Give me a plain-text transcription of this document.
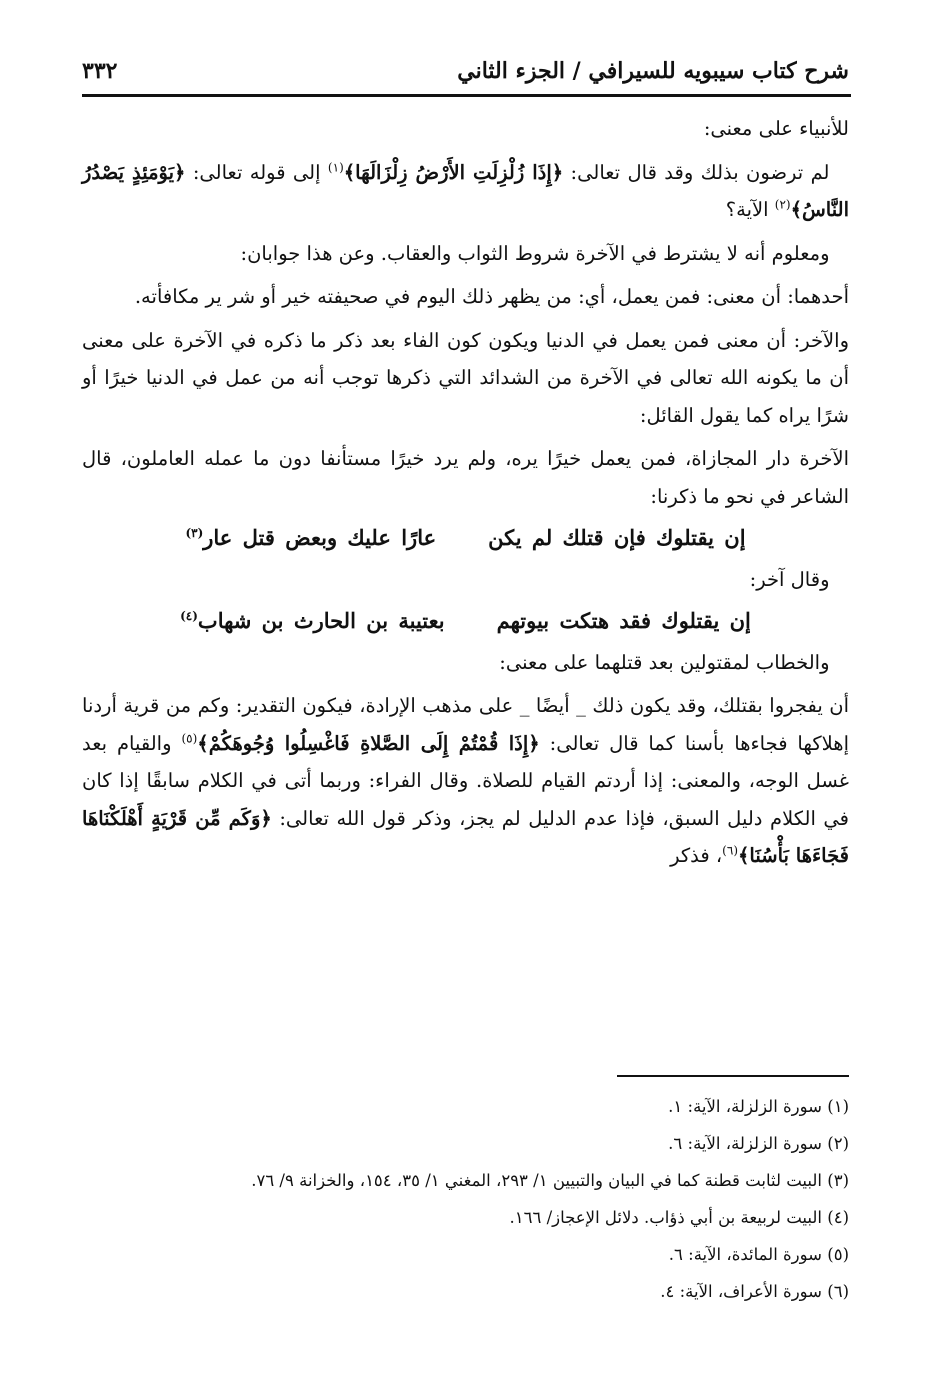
شرح كتاب سيبويه للسيرافي / الجزء الثاني
٣٣٢

للأنبياء على معنى:

 لم ترضون بذلك وقد قال تعالى: ﴿إِذَا زُلْزِلَتِ الأَرْضُ زِلْزَالَهَا﴾$^{(١)}$ إلى قوله تعالى: ﴿يَوْمَئِذٍ يَصْدُرُ النَّاسُ﴾$^{(٢)}$ الآية؟

 ومعلوم أنه لا يشترط في الآخرة شروط الثواب والعقاب. وعن هذا جوابان:

أحدهما: أن معنى: فمن يعمل، أي: من يظهر ذلك اليوم في صحيفته خير أو شر ير مكافأته.

والآخر: أن معنى فمن يعمل في الدنيا ويكون كون الفاء بعد ذكر ما ذكره في الآخرة على معنى أن ما يكونه الله تعالى في الآخرة من الشدائد التي ذكرها توجب أنه من عمل في الدنيا خيرًا أو شرًا يراه كما يقول القائل:

الآخرة دار المجازاة، فمن يعمل خيرًا يره، ولم يرد خيرًا مستأنفا دون ما عمله العاملون، قال الشاعر في نحو ما ذكرنا:

إن يقتلوك فإن قتلك لم يكنعارًا عليك وبعض قتل عار$^{(٣)}$

 وقال آخر:

إن يقتلوك فقد هتكت بيوتهمبعتيبة بن الحارث بن شهاب$^{(٤)}$

 والخطاب لمقتولين بعد قتلهما على معنى:

أن يفجروا بقتلك، وقد يكون ذلك _ أيضًا _ على مذهب الإرادة، فيكون التقدير: وكم من قرية أردنا إهلاكها فجاءها بأسنا كما قال تعالى: ﴿إِذَا قُمْتُمْ إِلَى الصَّلاةِ فَاغْسِلُوا وُجُوهَكُمْ﴾$^{(٥)}$ والقيام بعد غسل الوجه، والمعنى: إذا أردتم القيام للصلاة. وقال الفراء: وربما أتى في الكلام سابقًا إذا كان في الكلام دليل السبق، فإذا عدم الدليل لم يجز، وذكر قول الله تعالى: ﴿وَكَم مِّن قَرْيَةٍ أَهْلَكْنَاهَا فَجَاءَهَا بَأْسُنَا﴾$^{(٦)}$، فذكر

(١) سورة الزلزلة، الآية: ١.

(٢) سورة الزلزلة، الآية: ٦.

(٣) البيت لثابت قطنة كما في البيان والتبيين ١/ ٢٩٣، المغني ١/ ٣٥، ١٥٤، والخزانة ٩/ ٧٦.

(٤) البيت لربيعة بن أبي ذؤاب. دلائل الإعجاز/ ١٦٦.

(٥) سورة المائدة، الآية: ٦.

(٦) سورة الأعراف، الآية: ٤.
